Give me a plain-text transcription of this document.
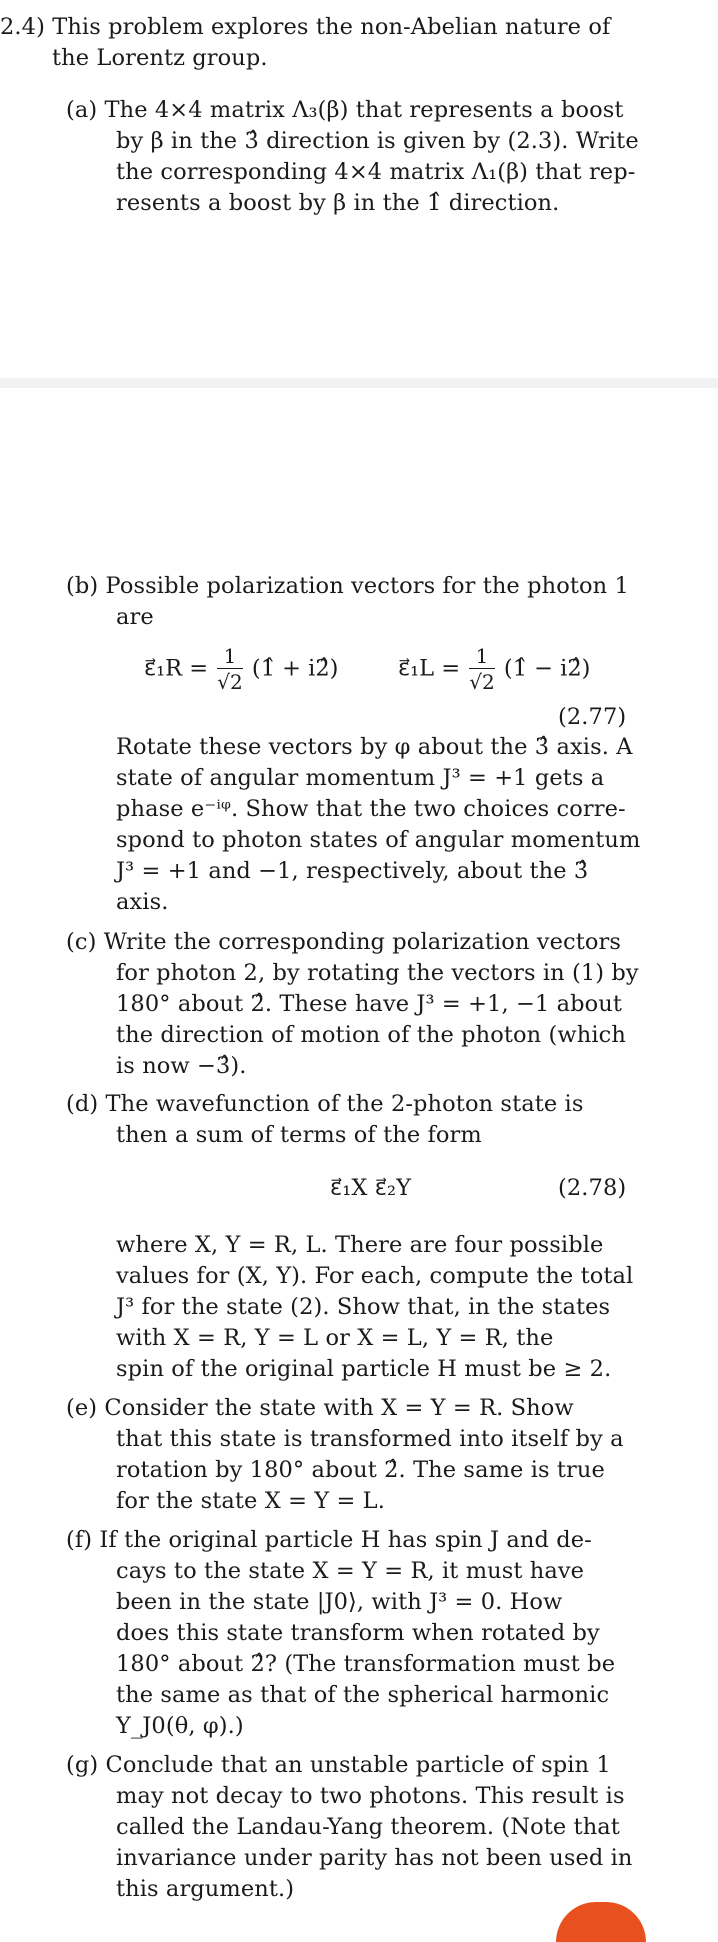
2.4) This problem explores the non-Abelian nature of
the Lorentz group.
(a) The 4×4 matrix Λ₃(β) that represents a boost
by β in the 3̂ direction is given by (2.3). Write
the corresponding 4×4 matrix Λ₁(β) that rep-
resents a boost by β in the 1̂ direction.
(b) Possible polarization vectors for the photon 1
are
ε⃗₁R = $\frac{1}{√2}$ (1̂ + i2̂)	ε⃗₁L = $\frac{1}{√2}$ (1̂ − i2̂)
(2.77)
Rotate these vectors by φ about the 3̂ axis. A
state of angular momentum J³ = +1 gets a
phase e⁻ⁱᵠ. Show that the two choices corre-
spond to photon states of angular momentum
J³ = +1 and −1, respectively, about the 3̂
axis.
(c) Write the corresponding polarization vectors
for photon 2, by rotating the vectors in (1) by
180° about 2̂. These have J³ = +1, −1 about
the direction of motion of the photon (which
is now −3̂).
(d) The wavefunction of the 2-photon state is
then a sum of terms of the form
ε⃗₁X ε⃗₂Y	(2.78)
where X, Y = R, L. There are four possible
values for (X, Y). For each, compute the total
J³ for the state (2). Show that, in the states
with X = R, Y = L or X = L, Y = R, the
spin of the original particle H must be ≥ 2.
(e) Consider the state with X = Y = R. Show
that this state is transformed into itself by a
rotation by 180° about 2̂. The same is true
for the state X = Y = L.
(f) If the original particle H has spin J and de-
cays to the state X = Y = R, it must have
been in the state |J0⟩, with J³ = 0. How
does this state transform when rotated by
180° about 2̂? (The transformation must be
the same as that of the spherical harmonic
Y_J0(θ, φ).)
(g) Conclude that an unstable particle of spin 1
may not decay to two photons. This result is
called the Landau-Yang theorem. (Note that
invariance under parity has not been used in
this argument.)
